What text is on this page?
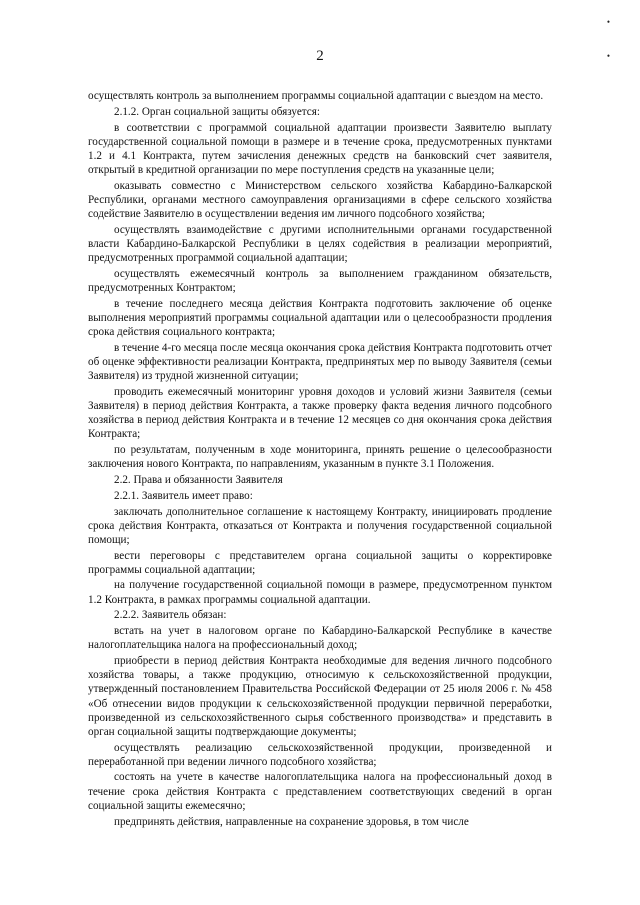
•
•
2

осуществлять контроль за выполнением программы социальной адаптации с выездом на место.

2.1.2. Орган социальной защиты обязуется:

в соответствии с программой социальной адаптации произвести Заявителю выплату государственной социальной помощи в размере и в течение срока, предусмотренных пунктами 1.2 и 4.1 Контракта, путем зачисления денежных средств на банковский счет заявителя, открытый в кредитной организации по мере поступления средств на указанные цели;

оказывать совместно с Министерством сельского хозяйства Кабардино-Балкарской Республики, органами местного самоуправления организациями в сфере сельского хозяйства содействие Заявителю в осуществлении ведения им личного подсобного хозяйства;

осуществлять взаимодействие с другими исполнительными органами государственной власти Кабардино-Балкарской Республики в целях содействия в реализации мероприятий, предусмотренных программой социальной адаптации;

осуществлять ежемесячный контроль за выполнением гражданином обязательств, предусмотренных Контрактом;

в течение последнего месяца действия Контракта подготовить заключение об оценке выполнения мероприятий программы социальной адаптации или о целесообразности продления срока действия социального контракта;

в течение 4-го месяца после месяца окончания срока действия Контракта подготовить отчет об оценке эффективности реализации Контракта, предпринятых мер по выводу Заявителя (семьи Заявителя) из трудной жизненной ситуации;

проводить ежемесячный мониторинг уровня доходов и условий жизни Заявителя (семьи Заявителя) в период действия Контракта, а также проверку факта ведения личного подсобного хозяйства в период действия Контракта и в течение 12 месяцев со дня окончания срока действия Контракта;

по результатам, полученным в ходе мониторинга, принять решение о целесообразности заключения нового Контракта, по направлениям, указанным в пункте 3.1 Положения.

2.2. Права и обязанности Заявителя

2.2.1. Заявитель имеет право:

заключать дополнительное соглашение к настоящему Контракту, инициировать продление срока действия Контракта, отказаться от Контракта и получения государственной социальной помощи;

вести переговоры с представителем органа социальной защиты о корректировке программы социальной адаптации;

на получение государственной социальной помощи в размере, предусмотренном пунктом 1.2 Контракта, в рамках программы социальной адаптации.

2.2.2. Заявитель обязан:

встать на учет в налоговом органе по Кабардино-Балкарской Республике в качестве налогоплательщика налога на профессиональный доход;

приобрести в период действия Контракта необходимые для ведения личного подсобного хозяйства товары, а также продукцию, относимую к сельскохозяйственной продукции, утвержденный постановлением Правительства Российской Федерации от 25 июля 2006 г. № 458 «Об отнесении видов продукции к сельскохозяйственной продукции первичной переработки, произведенной из сельскохозяйственного сырья собственного производства» и представить в орган социальной защиты подтверждающие документы;

осуществлять реализацию сельскохозяйственной продукции, произведенной и переработанной при ведении личного подсобного хозяйства;

состоять на учете в качестве налогоплательщика налога на профессиональный доход в течение срока действия Контракта с представлением соответствующих сведений в орган социальной защиты ежемесячно;

предпринять действия, направленные на сохранение здоровья, в том числе
